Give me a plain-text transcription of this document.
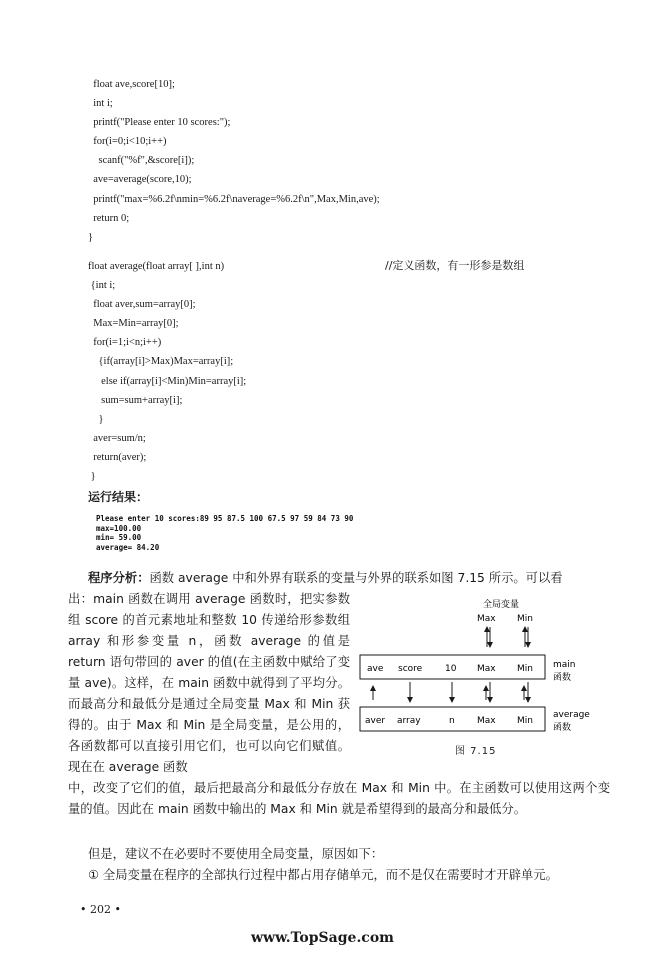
float ave,score[10];
int i;
printf("Please enter 10 scores:");
for(i=0;i<10;i++)
scanf("%f",&score[i]);
ave=average(score,10);
printf("max=%6.2f\nmin=%6.2f\naverage=%6.2f\n",Max,Min,ave);
return 0;
}
float average(float array[ ],int n)
{int i;
float aver,sum=array[0];
Max=Min=array[0];
for(i=1;i<n;i++)
{if(array[i]>Max)Max=array[i];
else if(array[i]<Min)Min=array[i];
sum=sum+array[i];
}
aver=sum/n;
return(aver);
}
//定义函数，有一形参是数组
运行结果：
Please enter 10 scores:89 95 87.5 100 67.5 97 59 84 73 90
max=100.00
min= 59.00
average= 84.20
程序分析：函数 average 中和外界有联系的变量与外界的联系如图 7.15 所示。可以看
出：main 函数在调用 average 函数时，把实参数组 score 的首元素地址和整数 10 传递给形参数组 array 和形参变量 n，函数 average 的值是 return 语句带回的 aver 的值(在主函数中赋给了变量 ave)。这样，在 main 函数中就得到了平均分。而最高分和最低分是通过全局变量 Max 和 Min 获得的。由于 Max 和 Min 是全局变量，是公用的，各函数都可以直接引用它们，也可以向它们赋值。现在在 average 函数
全局变量
Max Min
ave score	10 Max Min main
函数
aver array	n Max Min
average
函数
图 7.15
中，改变了它们的值，最后把最高分和最低分存放在 Max 和 Min 中。在主函数可以使用这两个变量的值。因此在 main 函数中输出的 Max 和 Min 就是希望得到的最高分和最低分。
但是，建议不在必要时不要使用全局变量，原因如下：
① 全局变量在程序的全部执行过程中都占用存储单元，而不是仅在需要时才开辟单元。
• 202 •
www.TopSage.com
